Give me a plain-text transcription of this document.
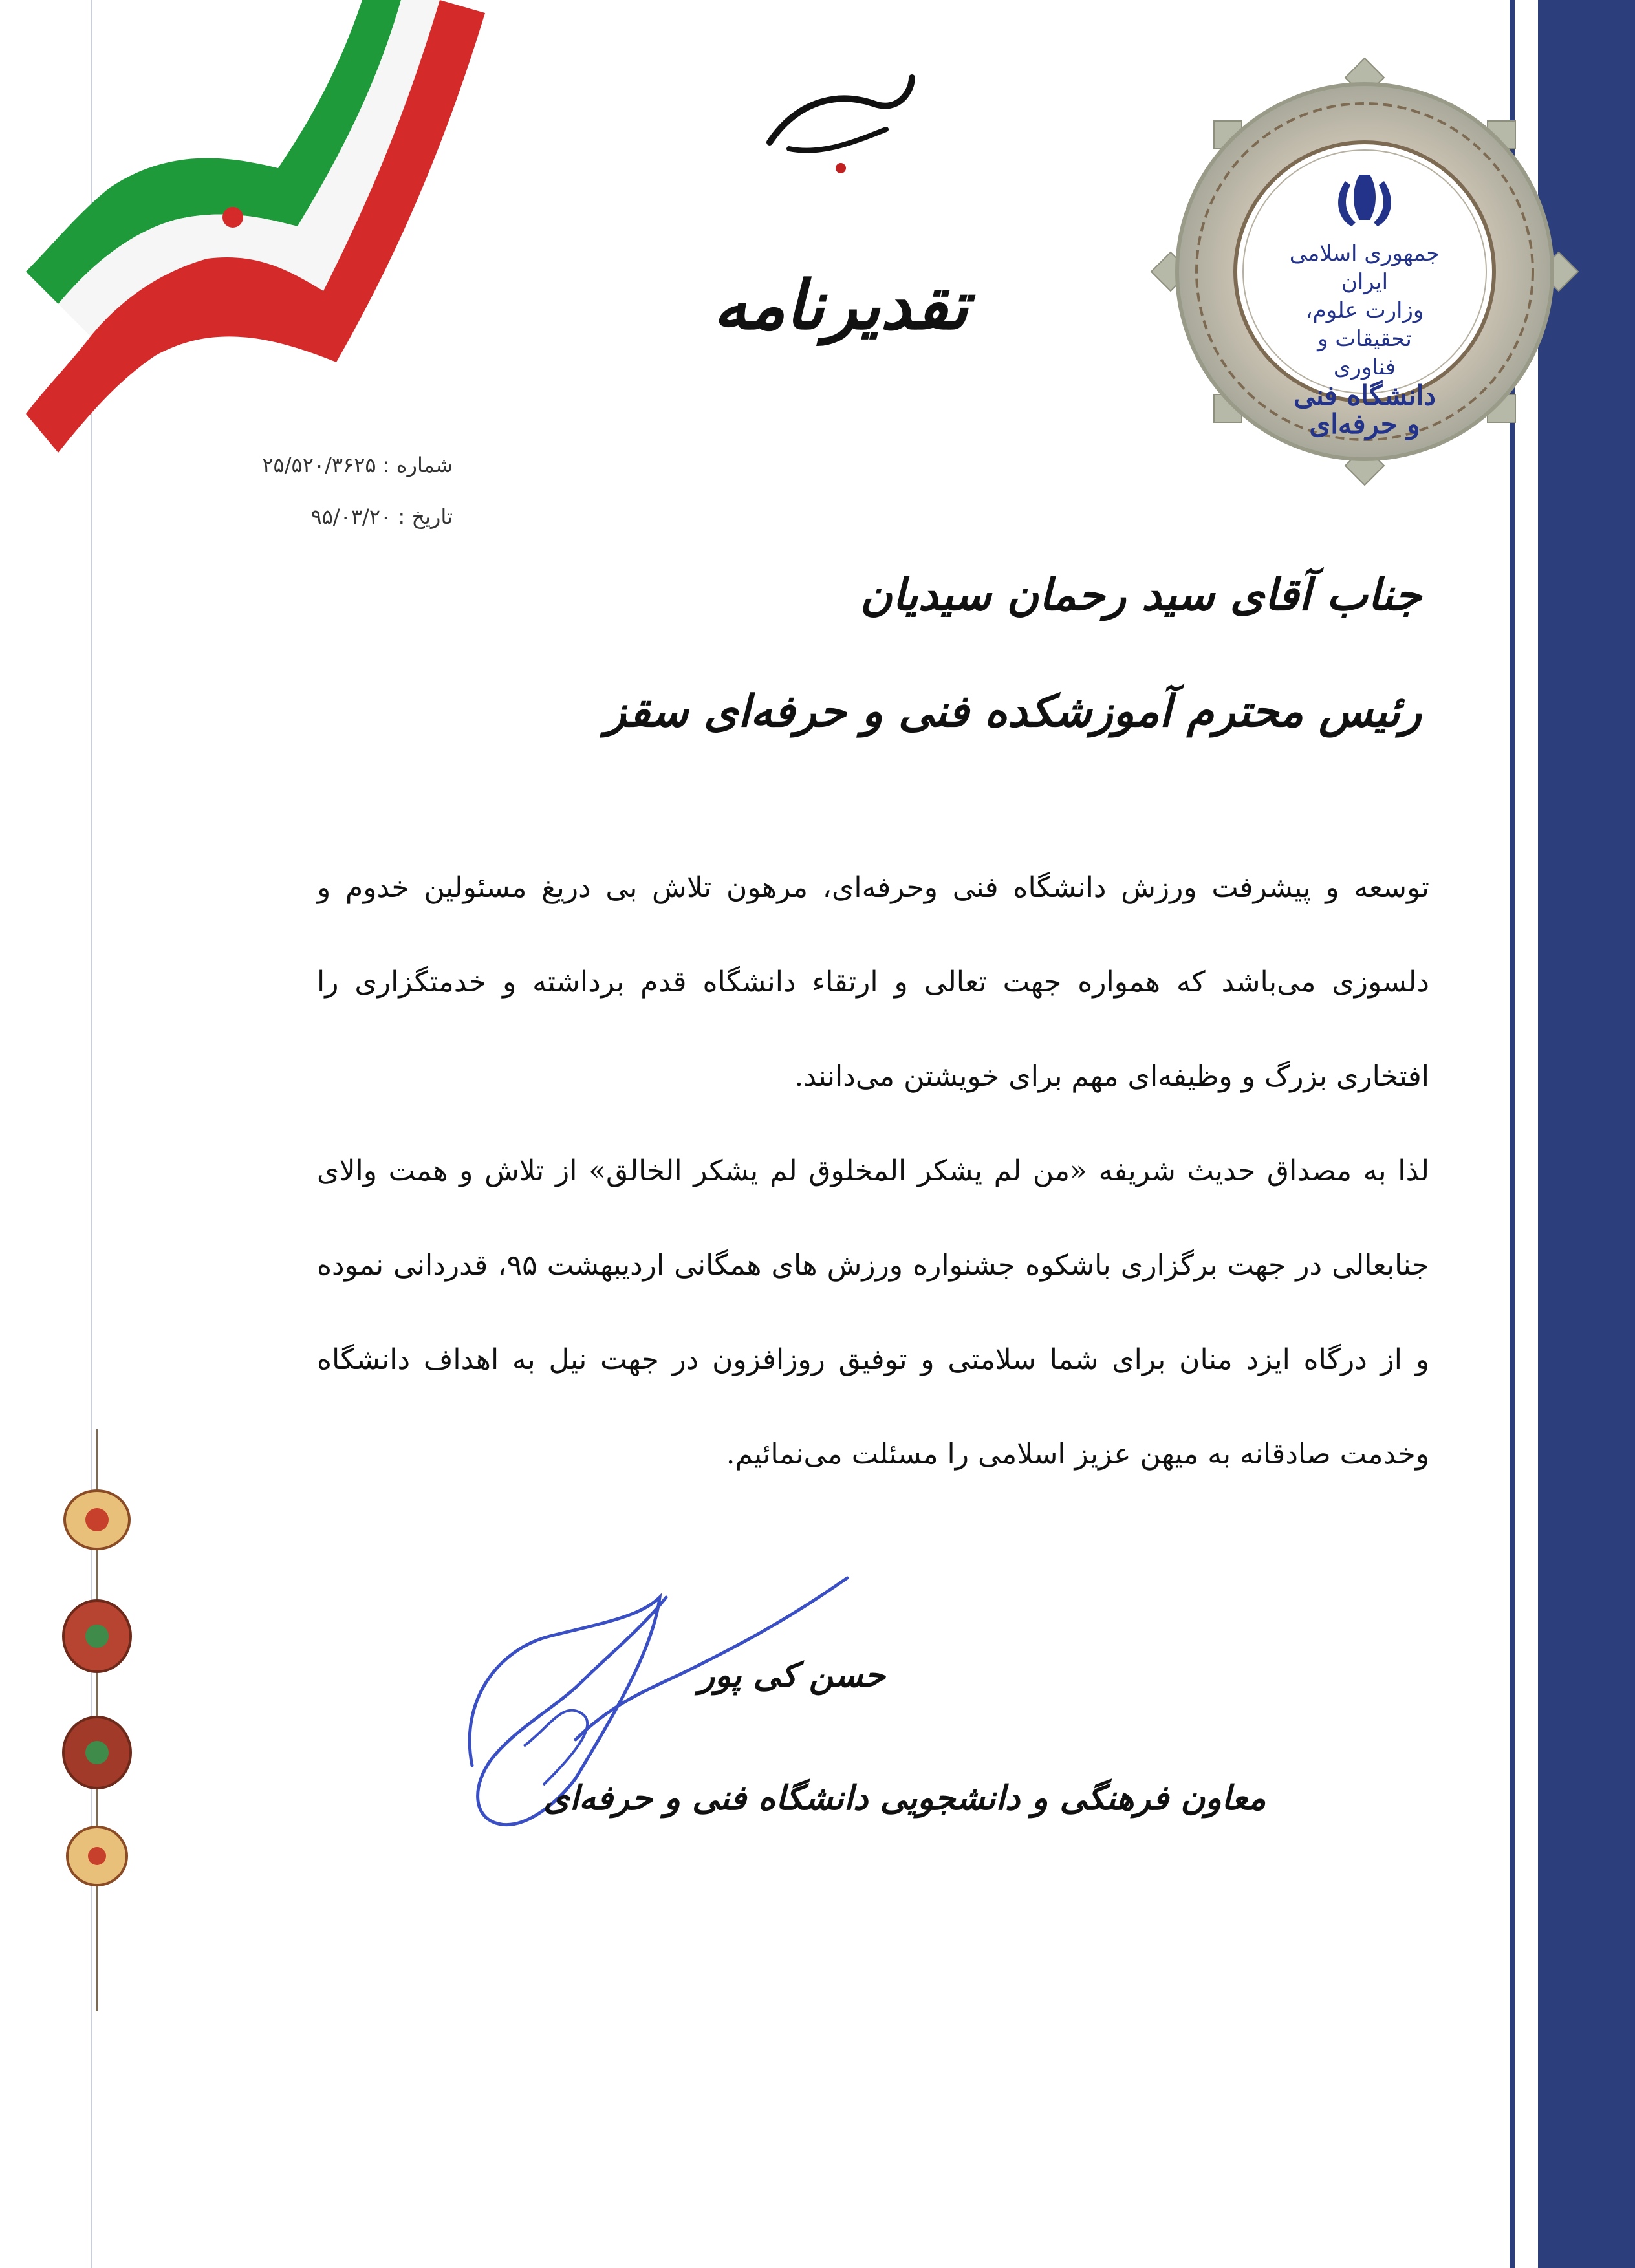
جمهوری اسلامی ایران
وزارت علوم، تحقیقات و فناوری
دانشگاه فنی و حرفه‌ای
تقدیرنامه
شماره : ۲۵/۵۲۰/۳۶۲۵
تاریخ : ۹۵/۰۳/۲۰
جناب آقای سید رحمان سیدیان
رئیس محترم آموزشکده فنی و حرفه‌ای سقز
توسعه و پیشرفت ورزش دانشگاه فنی وحرفه‌ای، مرهون تلاش بی دریغ مسئولین خدوم و دلسوزی می‌باشد که همواره جهت تعالی و ارتقاء دانشگاه قدم برداشته و خدمتگزاری را افتخاری بزرگ و وظیفه‌ای مهم برای خویشتن می‌دانند.
لذا به مصداق حدیث شریفه «من لم یشکر المخلوق لم یشکر الخالق» از تلاش و همت والای جنابعالی در جهت برگزاری باشکوه جشنواره ورزش های همگانی اردیبهشت ۹۵، قدردانی نموده و از درگاه ایزد منان برای شما سلامتی و توفیق روزافزون در جهت نیل به اهداف دانشگاه وخدمت صادقانه به میهن عزیز اسلامی را مسئلت می‌نمائیم.
حسن کی پور
معاون فرهنگی و دانشجویی دانشگاه فنی و حرفه‌ای
